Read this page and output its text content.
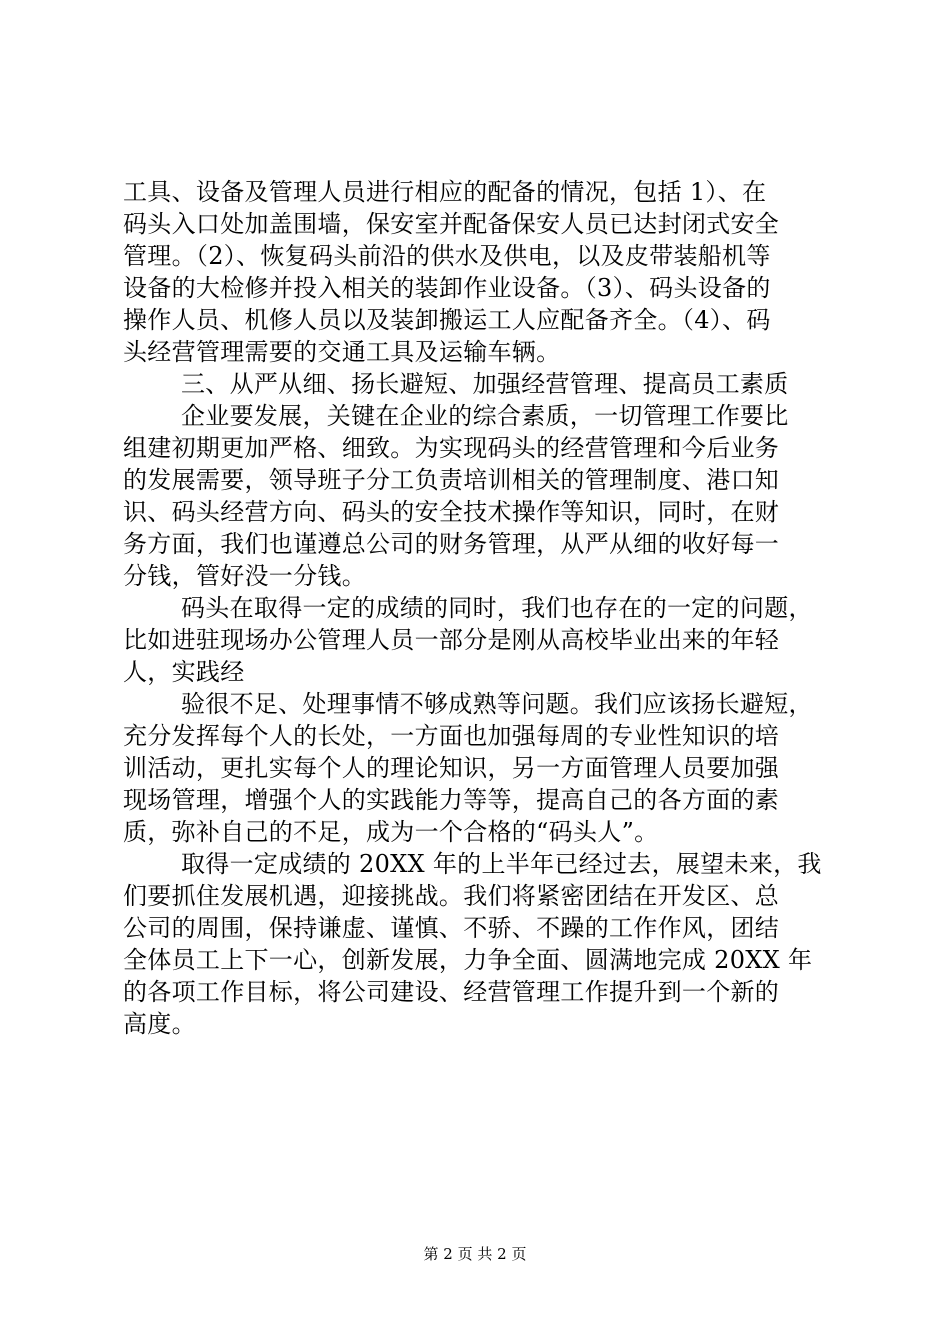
工具、设备及管理人员进行相应的配备的情况，包括 1）、在
码头入口处加盖围墙，保安室并配备保安人员已达封闭式安全
管理。（2）、恢复码头前沿的供水及供电，以及皮带装船机等
设备的大检修并投入相关的装卸作业设备。（3）、码头设备的
操作人员、机修人员以及装卸搬运工人应配备齐全。（4）、码
头经营管理需要的交通工具及运输车辆。
三、从严从细、扬长避短、加强经营管理、提高员工素质
企业要发展，关键在企业的综合素质，一切管理工作要比
组建初期更加严格、细致。为实现码头的经营管理和今后业务
的发展需要，领导班子分工负责培训相关的管理制度、港口知
识、码头经营方向、码头的安全技术操作等知识，同时，在财
务方面，我们也谨遵总公司的财务管理，从严从细的收好每一
分钱，管好没一分钱。
码头在取得一定的成绩的同时，我们也存在的一定的问题，
比如进驻现场办公管理人员一部分是刚从高校毕业出来的年轻
人，实践经
验很不足、处理事情不够成熟等问题。我们应该扬长避短，
充分发挥每个人的长处，一方面也加强每周的专业性知识的培
训活动，更扎实每个人的理论知识，另一方面管理人员要加强
现场管理，增强个人的实践能力等等，提高自己的各方面的素
质，弥补自己的不足，成为一个合格的“码头人”。
取得一定成绩的 20XX 年的上半年已经过去，展望未来，我
们要抓住发展机遇，迎接挑战。我们将紧密团结在开发区、总
公司的周围，保持谦虚、谨慎、不骄、不躁的工作作风，团结
全体员工上下一心，创新发展，力争全面、圆满地完成 20XX 年
的各项工作目标，将公司建设、经营管理工作提升到一个新的
高度。
第 2 页 共 2 页
